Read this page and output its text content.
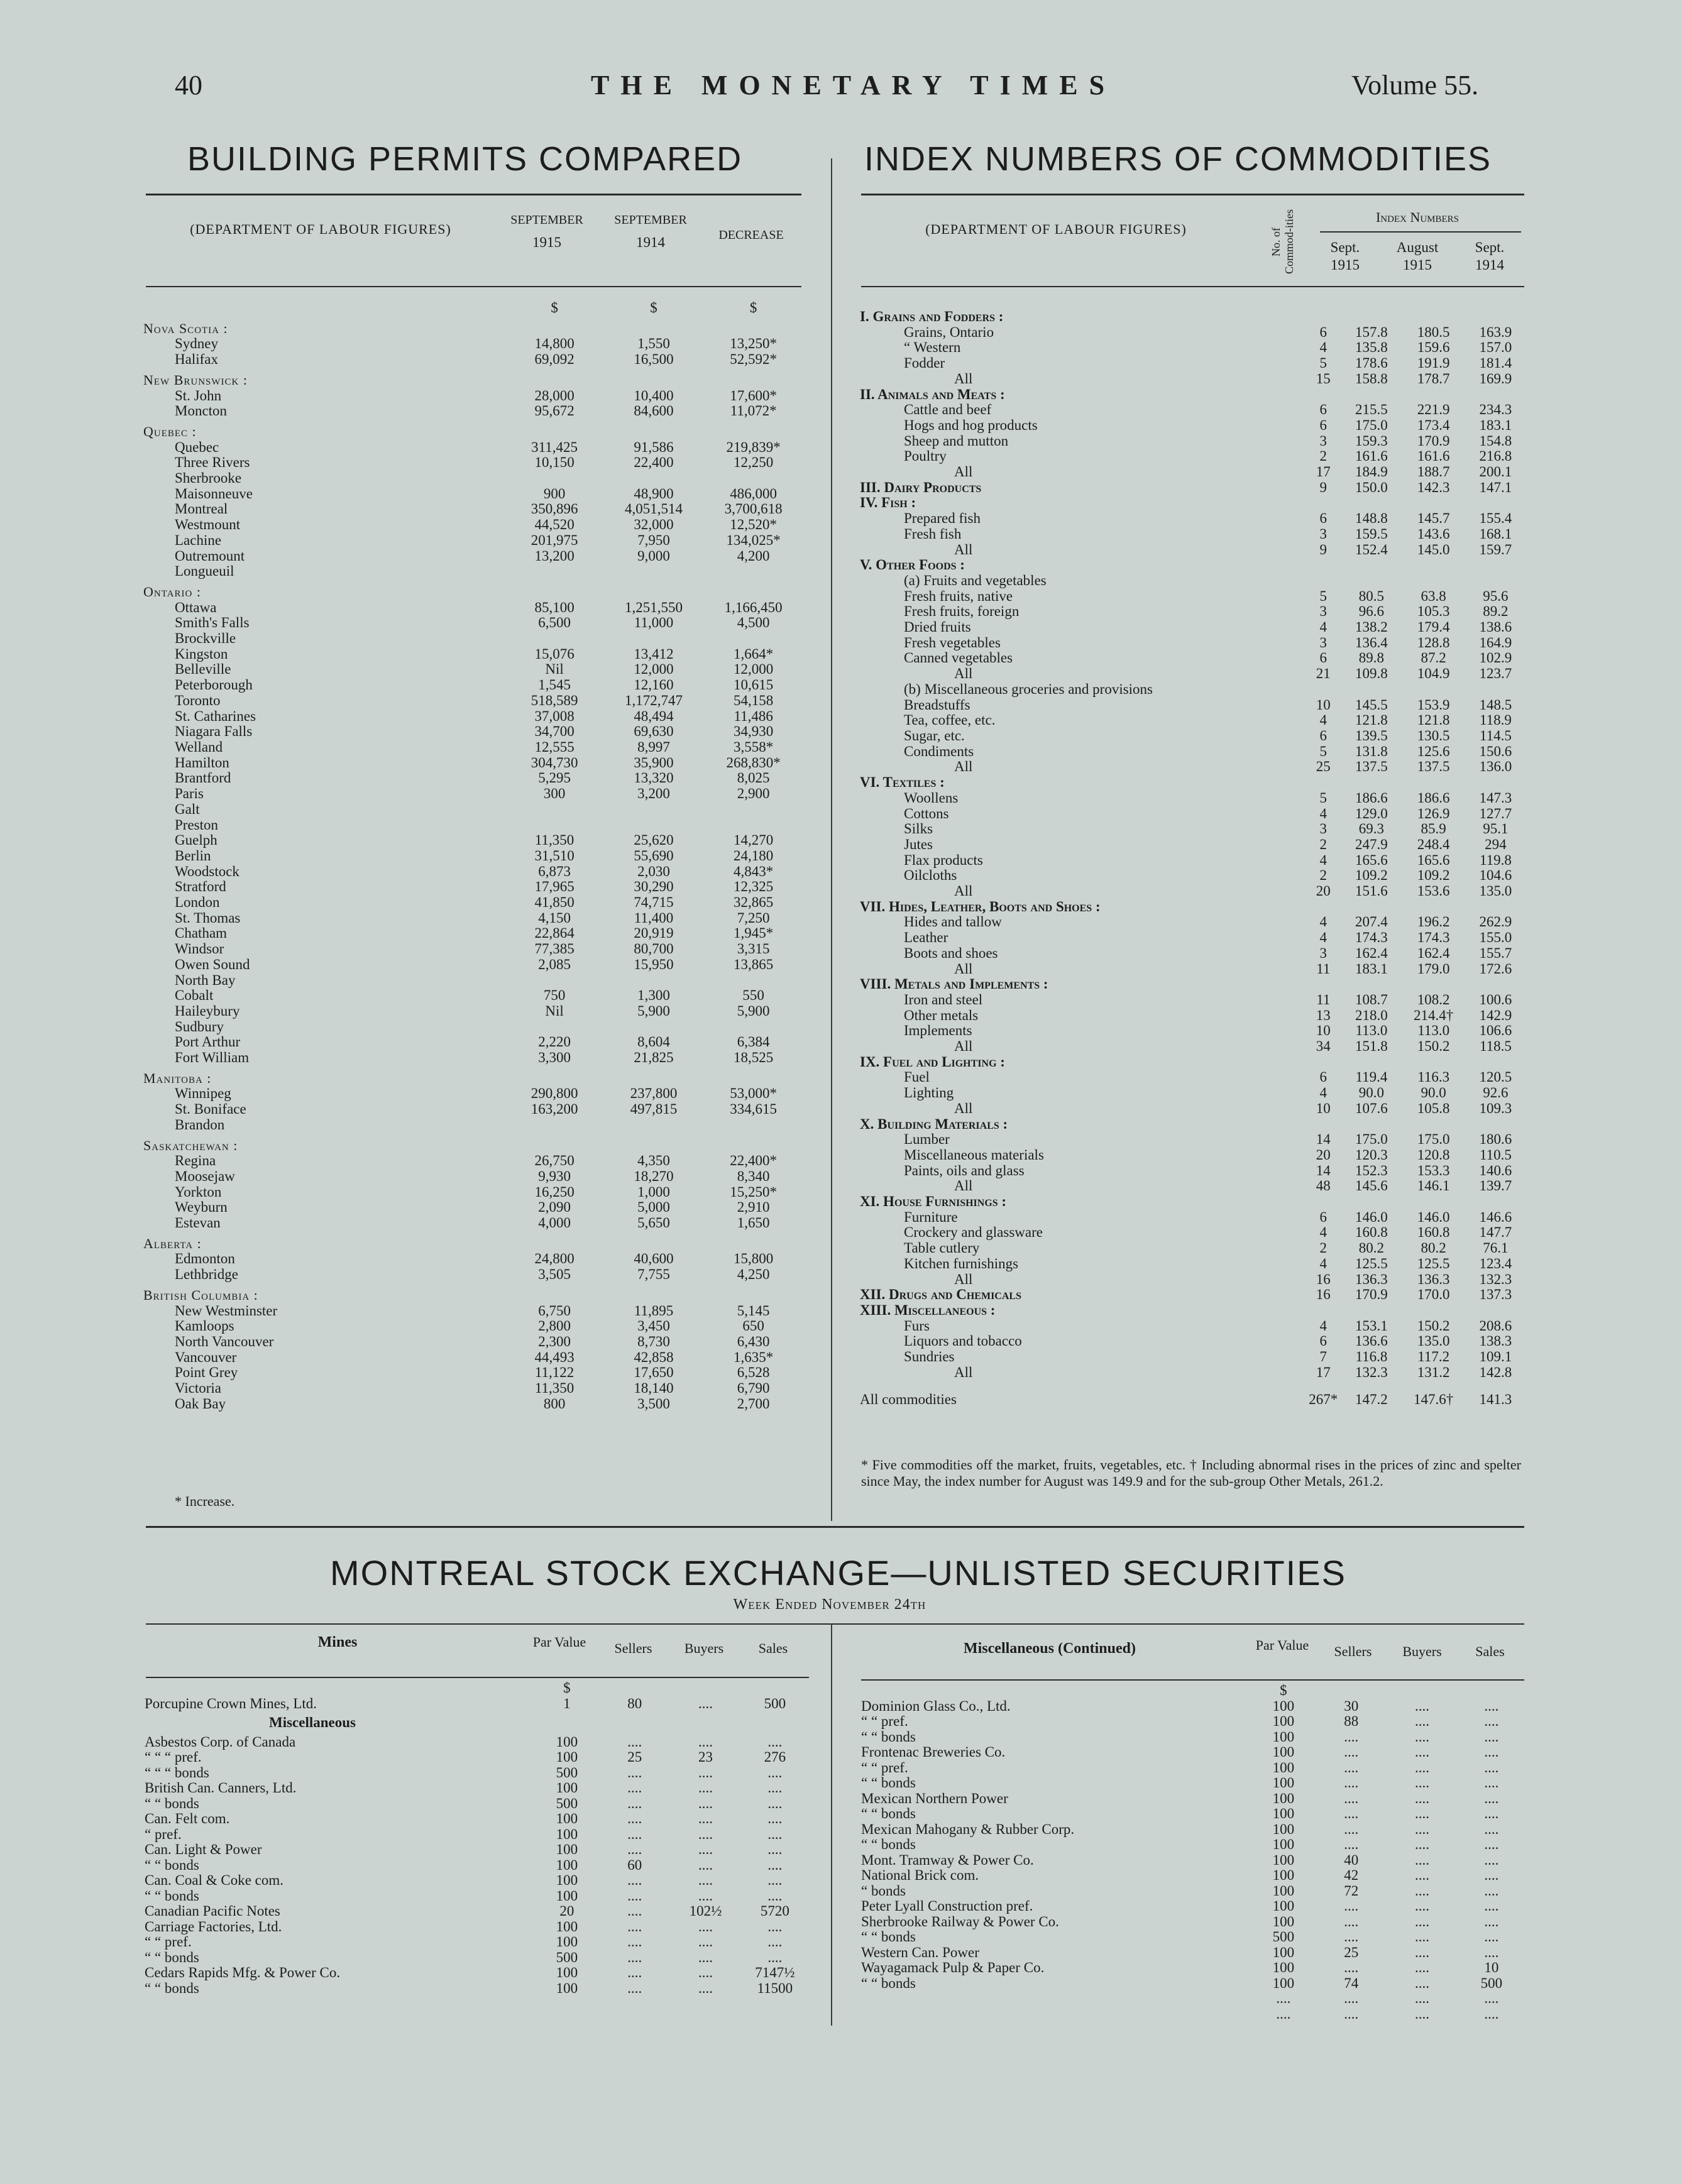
40	THE MONETARY TIMES	Volume 55.
BUILDING PERMITS COMPARED
(DEPARTMENT OF LABOUR FIGURES)
SEPTEMBER
1915
SEPTEMBER
1914	DECREASE
	$	$	$
Nova Scotia :			
Sydney	14,800	1,550	13,250*
Halifax	69,092	16,500	52,592*
New Brunswick :			
St. John	28,000	10,400	17,600*
Moncton	95,672	84,600	11,072*
Quebec :			
Quebec	311,425	91,586	219,839*
Three Rivers	10,150	22,400	12,250
Sherbrooke			
Maisonneuve	900	48,900	486,000
Montreal	350,896	4,051,514	3,700,618
Westmount	44,520	32,000	12,520*
Lachine	201,975	7,950	134,025*
Outremount	13,200	9,000	4,200
Longueuil			
Ontario :			
Ottawa	85,100	1,251,550	1,166,450
Smith's Falls	6,500	11,000	4,500
Brockville			
Kingston	15,076	13,412	1,664*
Belleville	Nil	12,000	12,000
Peterborough	1,545	12,160	10,615
Toronto	518,589	1,172,747	54,158
St. Catharines	37,008	48,494	11,486
Niagara Falls	34,700	69,630	34,930
Welland	12,555	8,997	3,558*
Hamilton	304,730	35,900	268,830*
Brantford	5,295	13,320	8,025
Paris	300	3,200	2,900
Galt			
Preston			
Guelph	11,350	25,620	14,270
Berlin	31,510	55,690	24,180
Woodstock	6,873	2,030	4,843*
Stratford	17,965	30,290	12,325
London	41,850	74,715	32,865
St. Thomas	4,150	11,400	7,250
Chatham	22,864	20,919	1,945*
Windsor	77,385	80,700	3,315
Owen Sound	2,085	15,950	13,865
North Bay			
Cobalt	750	1,300	550
Haileybury	Nil	5,900	5,900
Sudbury			
Port Arthur	2,220	8,604	6,384
Fort William	3,300	21,825	18,525
Manitoba :			
Winnipeg	290,800	237,800	53,000*
St. Boniface	163,200	497,815	334,615
Brandon			
Saskatchewan :			
Regina	26,750	4,350	22,400*
Moosejaw	9,930	18,270	8,340
Yorkton	16,250	1,000	15,250*
Weyburn	2,090	5,000	2,910
Estevan	4,000	5,650	1,650
Alberta :			
Edmonton	24,800	40,600	15,800
Lethbridge	3,505	7,755	4,250
British Columbia :			
New Westminster	6,750	11,895	5,145
Kamloops	2,800	3,450	650
North Vancouver	2,300	8,730	6,430
Vancouver	44,493	42,858	1,635*
Point Grey	11,122	17,650	6,528
Victoria	11,350	18,140	6,790
Oak Bay	800	3,500	2,700
* Increase.
INDEX NUMBERS OF COMMODITIES
(DEPARTMENT OF LABOUR FIGURES)	No. of Commod-ities	Index Numbers
Sept.
1915
August
1915
Sept.
1914
I. Grains and Fodders :				
Grains, Ontario	6	157.8	180.5	163.9
“ Western	4	135.8	159.6	157.0
Fodder	5	178.6	191.9	181.4
All	15	158.8	178.7	169.9
II. Animals and Meats :				
Cattle and beef	6	215.5	221.9	234.3
Hogs and hog products	6	175.0	173.4	183.1
Sheep and mutton	3	159.3	170.9	154.8
Poultry	2	161.6	161.6	216.8
All	17	184.9	188.7	200.1
III. Dairy Products	9	150.0	142.3	147.1
IV. Fish :				
Prepared fish	6	148.8	145.7	155.4
Fresh fish	3	159.5	143.6	168.1
All	9	152.4	145.0	159.7
V. Other Foods :				
(a) Fruits and vegetables				
Fresh fruits, native	5	80.5	63.8	95.6
Fresh fruits, foreign	3	96.6	105.3	89.2
Dried fruits	4	138.2	179.4	138.6
Fresh vegetables	3	136.4	128.8	164.9
Canned vegetables	6	89.8	87.2	102.9
All	21	109.8	104.9	123.7
(b) Miscellaneous groceries and provisions				
Breadstuffs	10	145.5	153.9	148.5
Tea, coffee, etc.	4	121.8	121.8	118.9
Sugar, etc.	6	139.5	130.5	114.5
Condiments	5	131.8	125.6	150.6
All	25	137.5	137.5	136.0
VI. Textiles :				
Woollens	5	186.6	186.6	147.3
Cottons	4	129.0	126.9	127.7
Silks	3	69.3	85.9	95.1
Jutes	2	247.9	248.4	294
Flax products	4	165.6	165.6	119.8
Oilcloths	2	109.2	109.2	104.6
All	20	151.6	153.6	135.0
VII. Hides, Leather, Boots and Shoes :				
Hides and tallow	4	207.4	196.2	262.9
Leather	4	174.3	174.3	155.0
Boots and shoes	3	162.4	162.4	155.7
All	11	183.1	179.0	172.6
VIII. Metals and Implements :				
Iron and steel	11	108.7	108.2	100.6
Other metals	13	218.0	214.4†	142.9
Implements	10	113.0	113.0	106.6
All	34	151.8	150.2	118.5
IX. Fuel and Lighting :				
Fuel	6	119.4	116.3	120.5
Lighting	4	90.0	90.0	92.6
All	10	107.6	105.8	109.3
X. Building Materials :				
Lumber	14	175.0	175.0	180.6
Miscellaneous materials	20	120.3	120.8	110.5
Paints, oils and glass	14	152.3	153.3	140.6
All	48	145.6	146.1	139.7
XI. House Furnishings :				
Furniture	6	146.0	146.0	146.6
Crockery and glassware	4	160.8	160.8	147.7
Table cutlery	2	80.2	80.2	76.1
Kitchen furnishings	4	125.5	125.5	123.4
All	16	136.3	136.3	132.3
XII. Drugs and Chemicals	16	170.9	170.0	137.3
XIII. Miscellaneous :				
Furs	4	153.1	150.2	208.6
Liquors and tobacco	6	136.6	135.0	138.3
Sundries	7	116.8	117.2	109.1
All	17	132.3	131.2	142.8
All commodities	267*	147.2	147.6†	141.3
* Five commodities off the market, fruits, vegetables, etc. † Including abnormal rises in the prices of zinc and spelter since May, the index number for August was 149.9 and for the sub-group Other Metals, 261.2.
MONTREAL STOCK EXCHANGE—UNLISTED SECURITIES
Week Ended November 24th
Mines	Miscellaneous (Continued)
Par Value	Sellers	Buyers	Sales	Par Value	Sellers	Buyers	Sales
	$			
Porcupine Crown Mines, Ltd.	1	80	....	500
Miscellaneous				
Asbestos Corp. of Canada	100	....	....	....
“ “ “ pref.	100	25	23	276
“ “ “ bonds	500	....	....	....
British Can. Canners, Ltd.	100	....	....	....
“ “ bonds	500	....	....	....
Can. Felt com.	100	....	....	....
“ pref.	100	....	....	....
Can. Light & Power	100	....	....	....
“ “ bonds	100	60	....	....
Can. Coal & Coke com.	100	....	....	....
“ “ bonds	100	....	....	....
Canadian Pacific Notes	20	....	102½	5720
Carriage Factories, Ltd.	100	....	....	....
“ “ pref.	100	....	....	....
“ “ bonds	500	....	....	....
Cedars Rapids Mfg. & Power Co.	100	....	....	7147½
“ “ bonds	100	....	....	11500
	$			
Dominion Glass Co., Ltd.	100	30	....	....
“ “ pref.	100	88	....	....
“ “ bonds	100	....	....	....
Frontenac Breweries Co.	100	....	....	....
“ “ pref.	100	....	....	....
“ “ bonds	100	....	....	....
Mexican Northern Power	100	....	....	....
“ “ bonds	100	....	....	....
Mexican Mahogany & Rubber Corp.	100	....	....	....
“ “ bonds	100	....	....	....
Mont. Tramway & Power Co.	100	40	....	....
National Brick com.	100	42	....	....
“ bonds	100	72	....	....
Peter Lyall Construction pref.	100	....	....	....
Sherbrooke Railway & Power Co.	100	....	....	....
“ “ bonds	500	....	....	....
Western Can. Power	100	25	....	....
Wayagamack Pulp & Paper Co.	100	....	....	10
“ “ bonds	100	74	....	500
	....	....	....	....
	....	....	....	....
